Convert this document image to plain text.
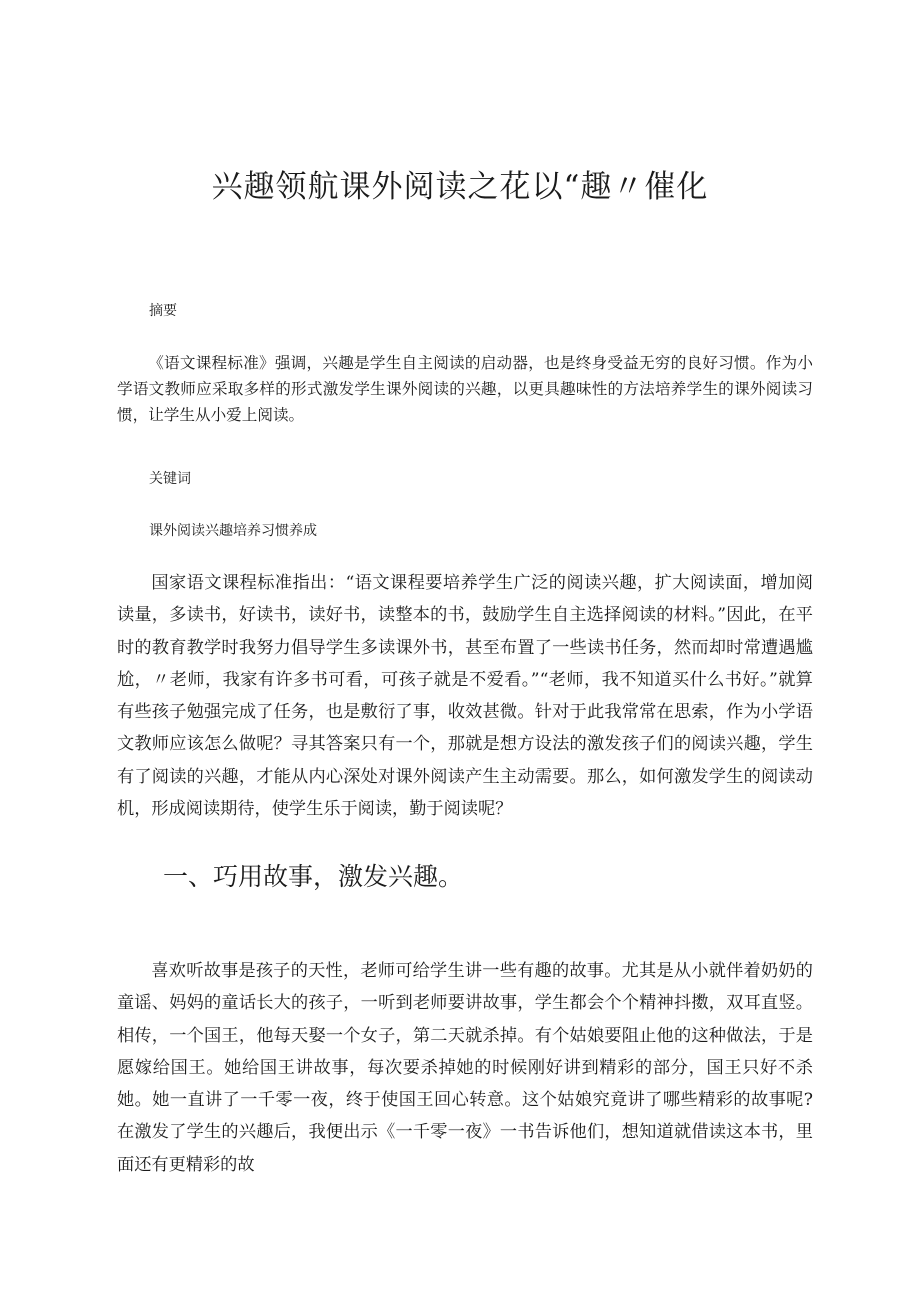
兴趣领航课外阅读之花以“趣〃催化

摘要

《语文课程标准》强调，兴趣是学生自主阅读的启动器，也是终身受益无穷的良好习惯。作为小学语文教师应采取多样的形式激发学生课外阅读的兴趣，以更具趣味性的方法培养学生的课外阅读习惯，让学生从小爱上阅读。

关键词

课外阅读兴趣培养习惯养成

国家语文课程标准指出：“语文课程要培养学生广泛的阅读兴趣，扩大阅读面，增加阅读量，多读书，好读书，读好书，读整本的书，鼓励学生自主选择阅读的材料。”因此，在平时的教育教学时我努力倡导学生多读课外书，甚至布置了一些读书任务，然而却时常遭遇尴尬，〃老师，我家有许多书可看，可孩子就是不爱看。”“老师，我不知道买什么书好。”就算有些孩子勉强完成了任务，也是敷衍了事，收效甚微。针对于此我常常在思索，作为小学语文教师应该怎么做呢？寻其答案只有一个，那就是想方设法的激发孩子们的阅读兴趣，学生有了阅读的兴趣，才能从内心深处对课外阅读产生主动需要。那么，如何激发学生的阅读动机，形成阅读期待，使学生乐于阅读，勤于阅读呢？

一、巧用故事，激发兴趣。

喜欢听故事是孩子的天性，老师可给学生讲一些有趣的故事。尤其是从小就伴着奶奶的童谣、妈妈的童话长大的孩子，一听到老师要讲故事，学生都会个个精神抖擞，双耳直竖。相传，一个国王，他每天娶一个女子，第二天就杀掉。有个姑娘要阻止他的这种做法，于是愿嫁给国王。她给国王讲故事，每次要杀掉她的时候刚好讲到精彩的部分，国王只好不杀她。她一直讲了一千零一夜，终于使国王回心转意。这个姑娘究竟讲了哪些精彩的故事呢?在激发了学生的兴趣后，我便出示《一千零一夜》一书告诉他们，想知道就借读这本书，里面还有更精彩的故
